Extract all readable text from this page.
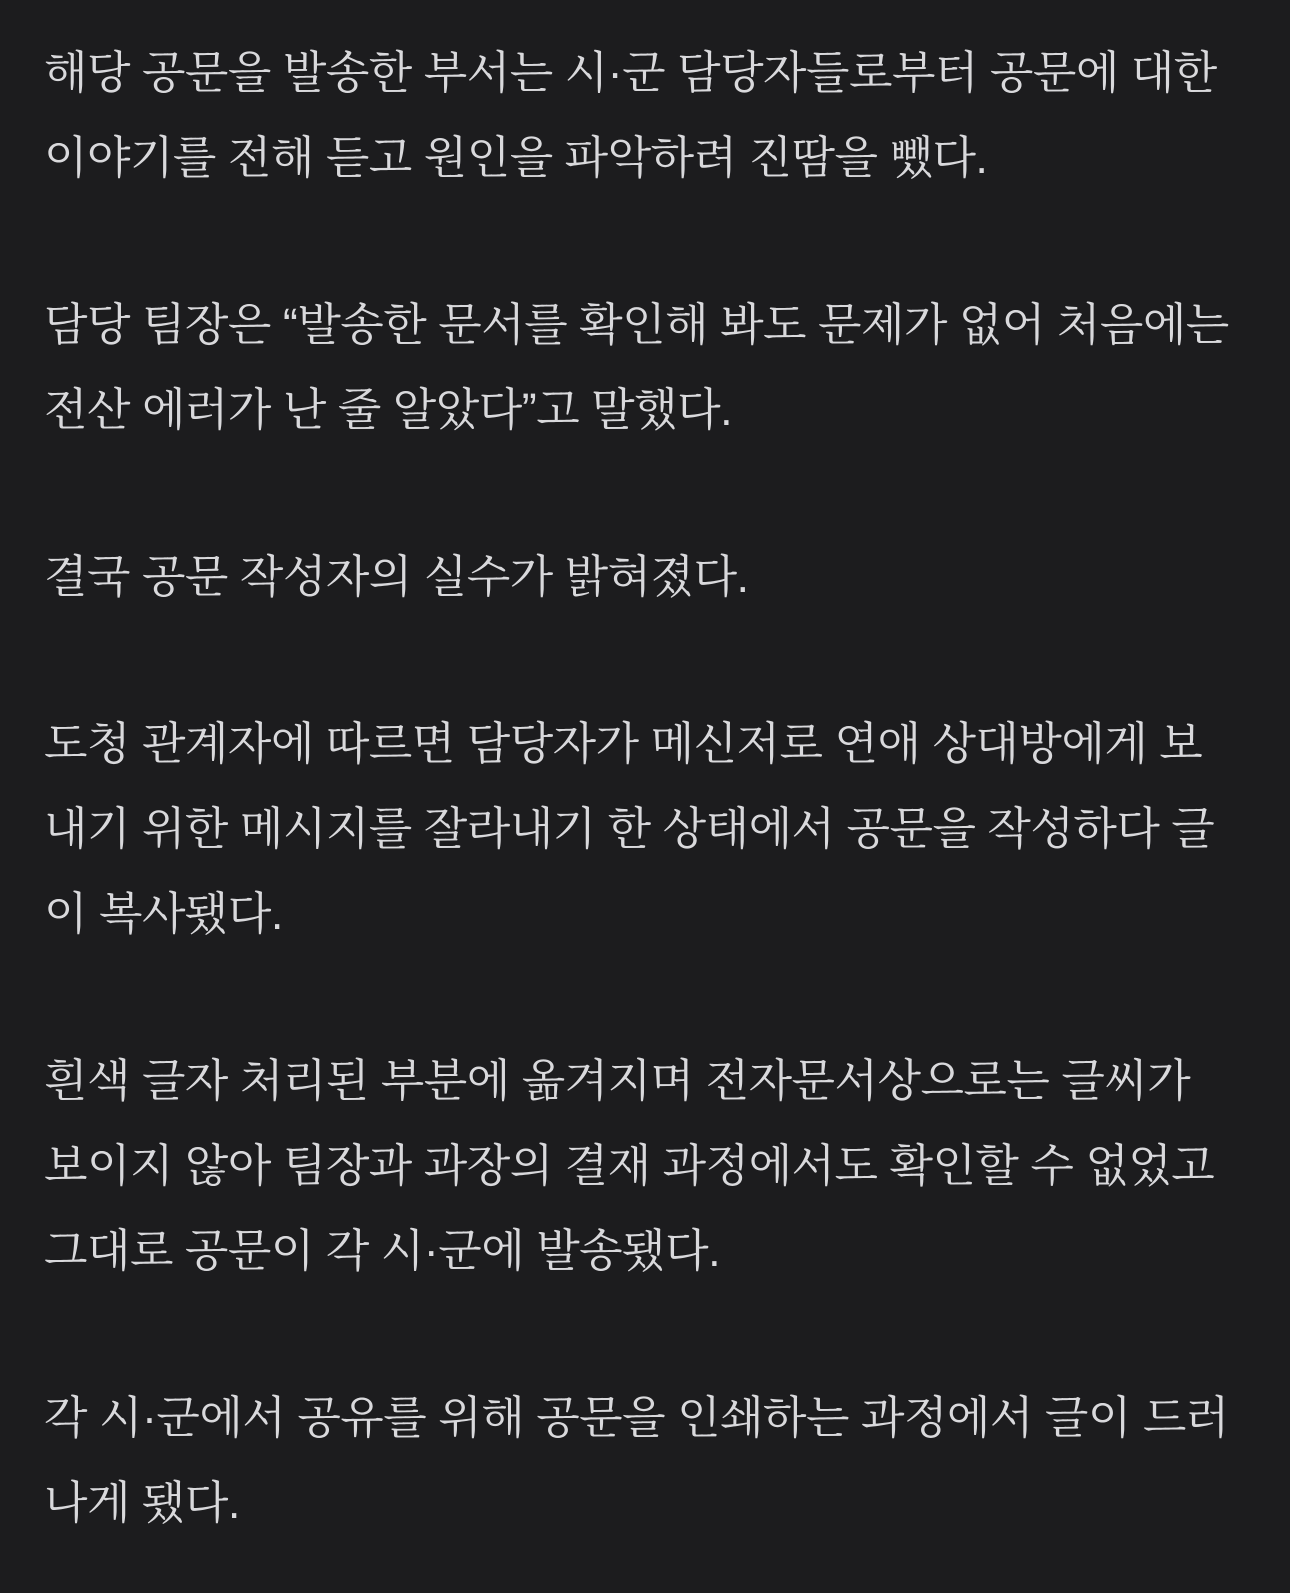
해당 공문을 발송한 부서는 시·군 담당자들로부터 공문에 대한 이야기를 전해 듣고 원인을 파악하려 진땀을 뺐다.

담당 팀장은 “발송한 문서를 확인해 봐도 문제가 없어 처음에는 전산 에러가 난 줄 알았다”고 말했다.

결국 공문 작성자의 실수가 밝혀졌다.

도청 관계자에 따르면 담당자가 메신저로 연애 상대방에게 보내기 위한 메시지를 잘라내기 한 상태에서 공문을 작성하다 글이 복사됐다.

흰색 글자 처리된 부분에 옮겨지며 전자문서상으로는 글씨가 보이지 않아 팀장과 과장의 결재 과정에서도 확인할 수 없었고 그대로 공문이 각 시·군에 발송됐다.

각 시·군에서 공유를 위해 공문을 인쇄하는 과정에서 글이 드러나게 됐다.
